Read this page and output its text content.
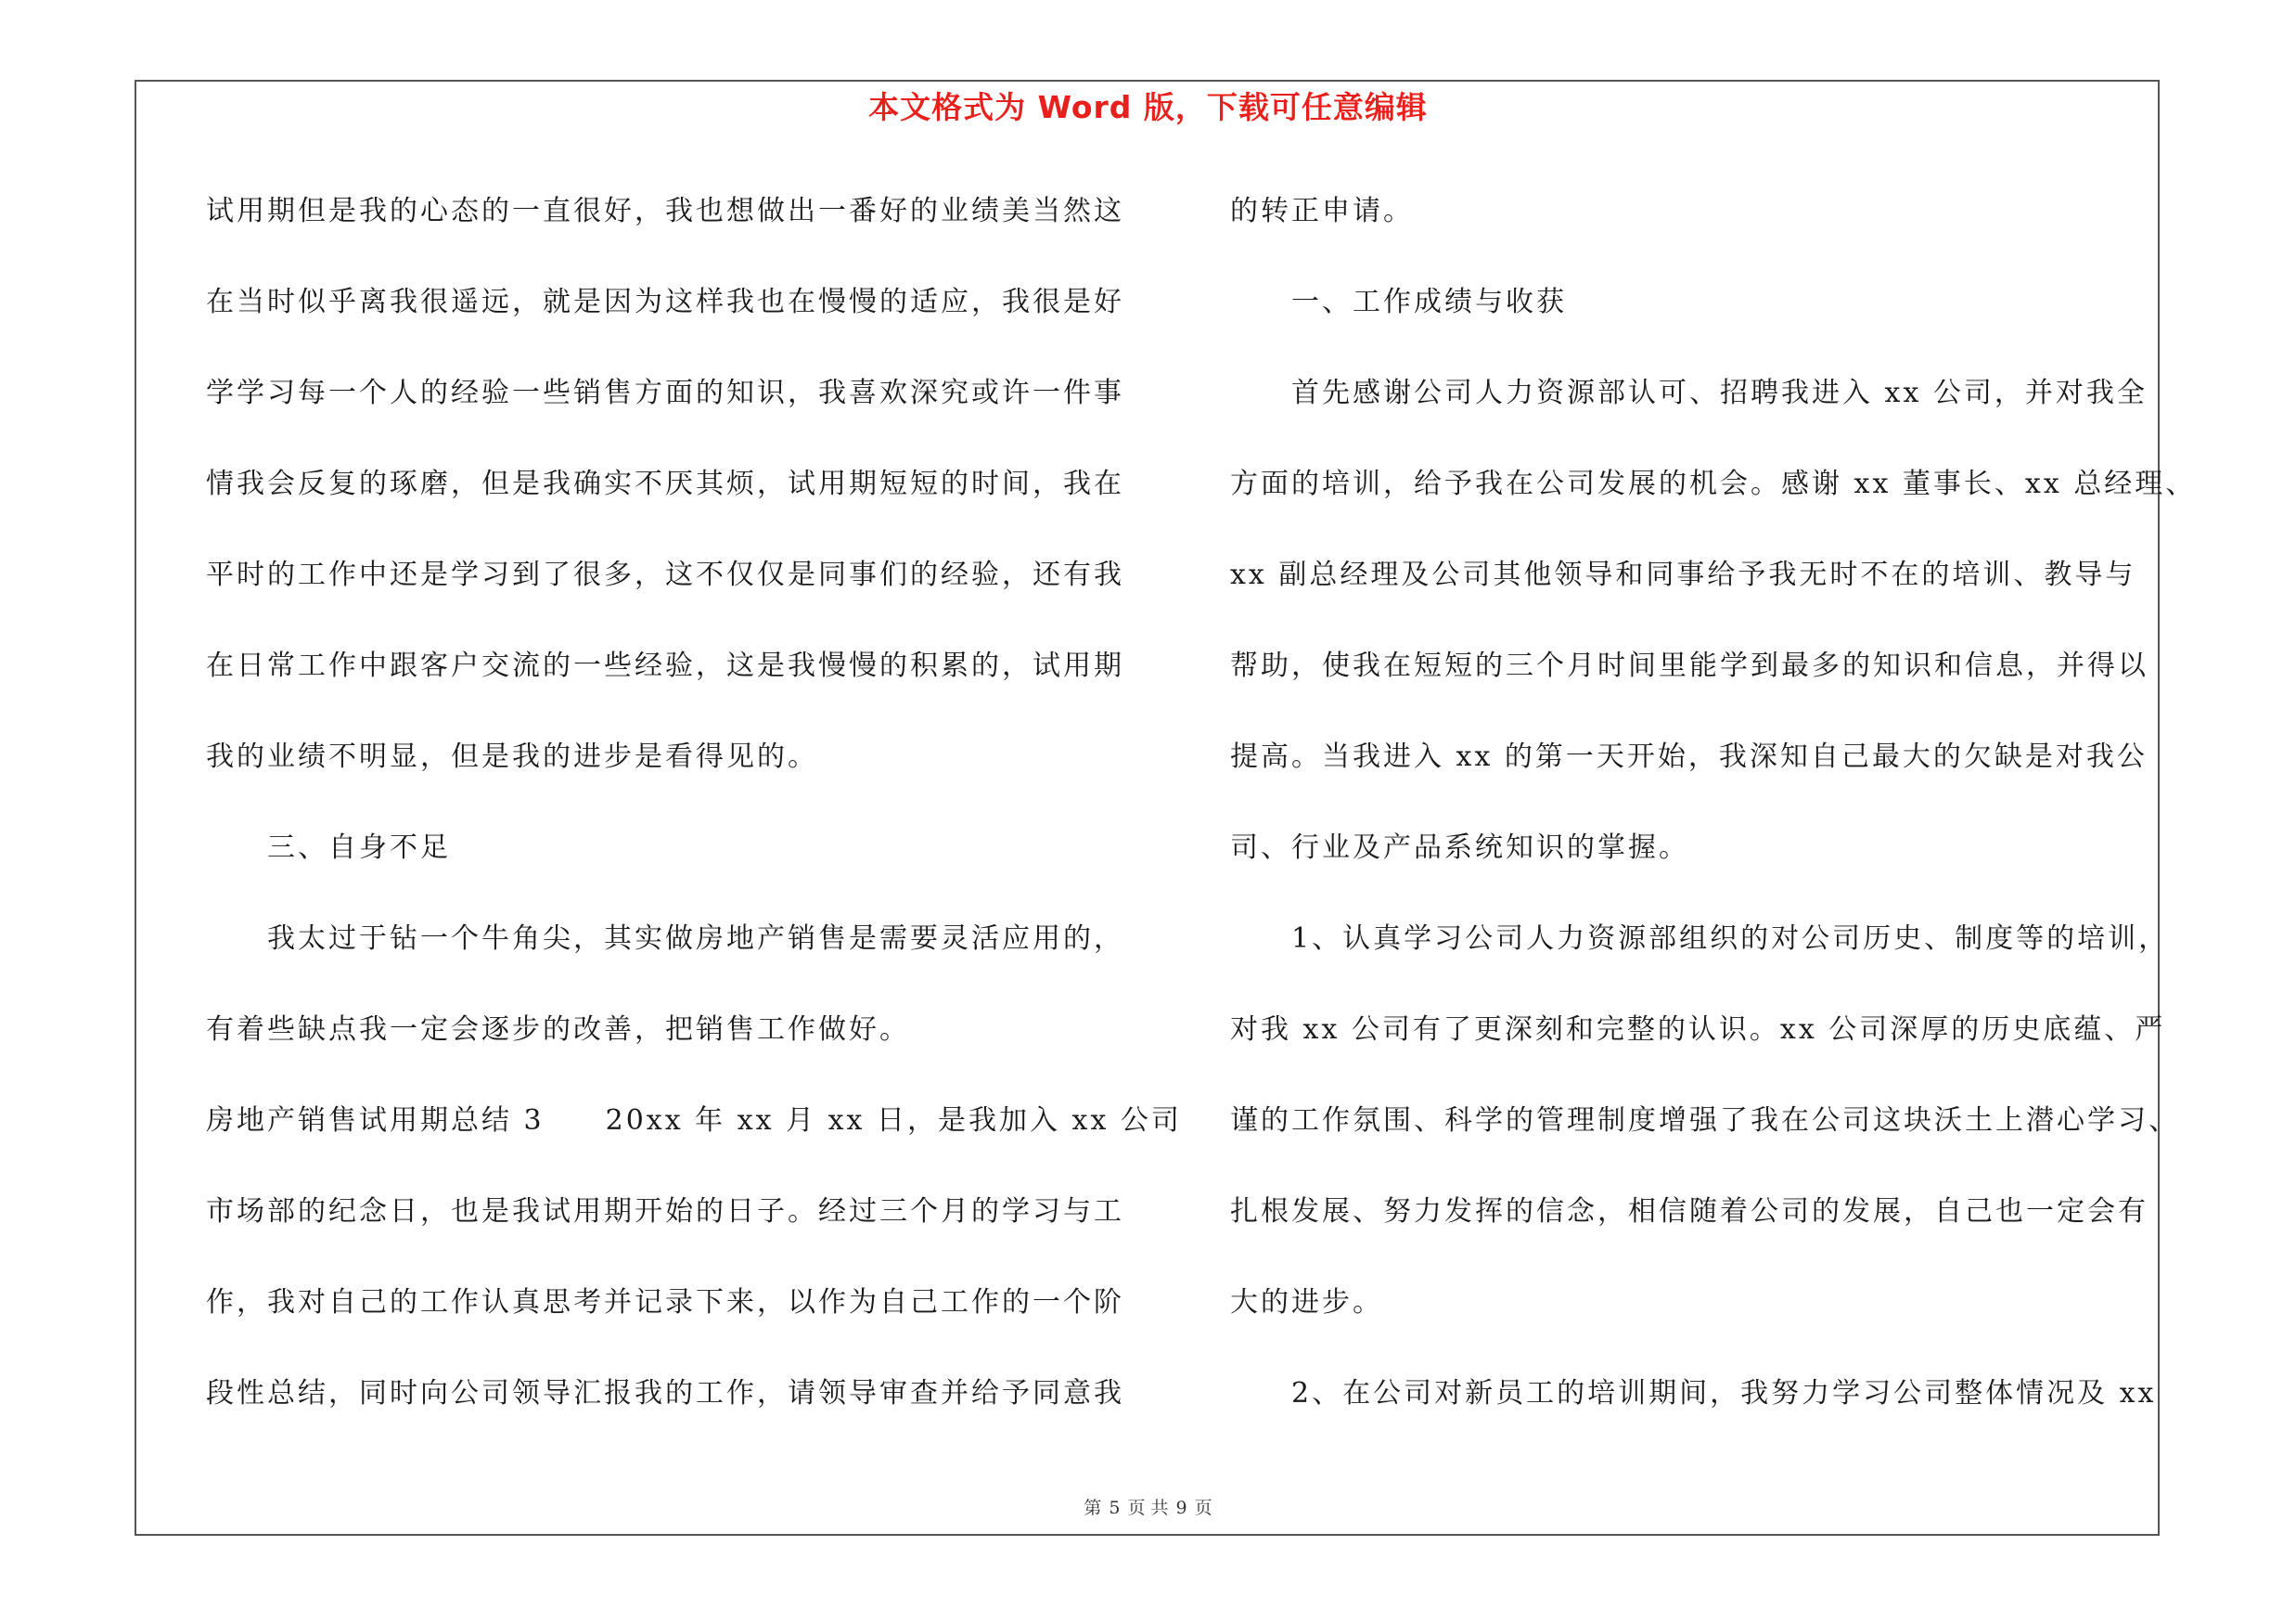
本文格式为 Word 版，下载可任意编辑
试用期但是我的心态的一直很好，我也想做出一番好的业绩美当然这
在当时似乎离我很遥远，就是因为这样我也在慢慢的适应，我很是好
学学习每一个人的经验一些销售方面的知识，我喜欢深究或许一件事
情我会反复的琢磨，但是我确实不厌其烦，试用期短短的时间，我在
平时的工作中还是学习到了很多，这不仅仅是同事们的经验，还有我
在日常工作中跟客户交流的一些经验，这是我慢慢的积累的，试用期
我的业绩不明显，但是我的进步是看得见的。
　　三、自身不足
　　我太过于钻一个牛角尖，其实做房地产销售是需要灵活应用的，
有着些缺点我一定会逐步的改善，把销售工作做好。
房地产销售试用期总结 3　　20xx 年 xx 月 xx 日，是我加入 xx 公司
市场部的纪念日，也是我试用期开始的日子。经过三个月的学习与工
作，我对自己的工作认真思考并记录下来，以作为自己工作的一个阶
段性总结，同时向公司领导汇报我的工作，请领导审查并给予同意我
的转正申请。
　　一、工作成绩与收获
　　首先感谢公司人力资源部认可、招聘我进入 xx 公司，并对我全
方面的培训，给予我在公司发展的机会。感谢 xx 董事长、xx 总经理、
xx 副总经理及公司其他领导和同事给予我无时不在的培训、教导与
帮助，使我在短短的三个月时间里能学到最多的知识和信息，并得以
提高。当我进入 xx 的第一天开始，我深知自己最大的欠缺是对我公
司、行业及产品系统知识的掌握。
　　1、认真学习公司人力资源部组织的对公司历史、制度等的培训，
对我 xx 公司有了更深刻和完整的认识。xx 公司深厚的历史底蕴、严
谨的工作氛围、科学的管理制度增强了我在公司这块沃土上潜心学习、
扎根发展、努力发挥的信念，相信随着公司的发展，自己也一定会有
大的进步。
　　2、在公司对新员工的培训期间，我努力学习公司整体情况及 xx
第 5 页 共 9 页
